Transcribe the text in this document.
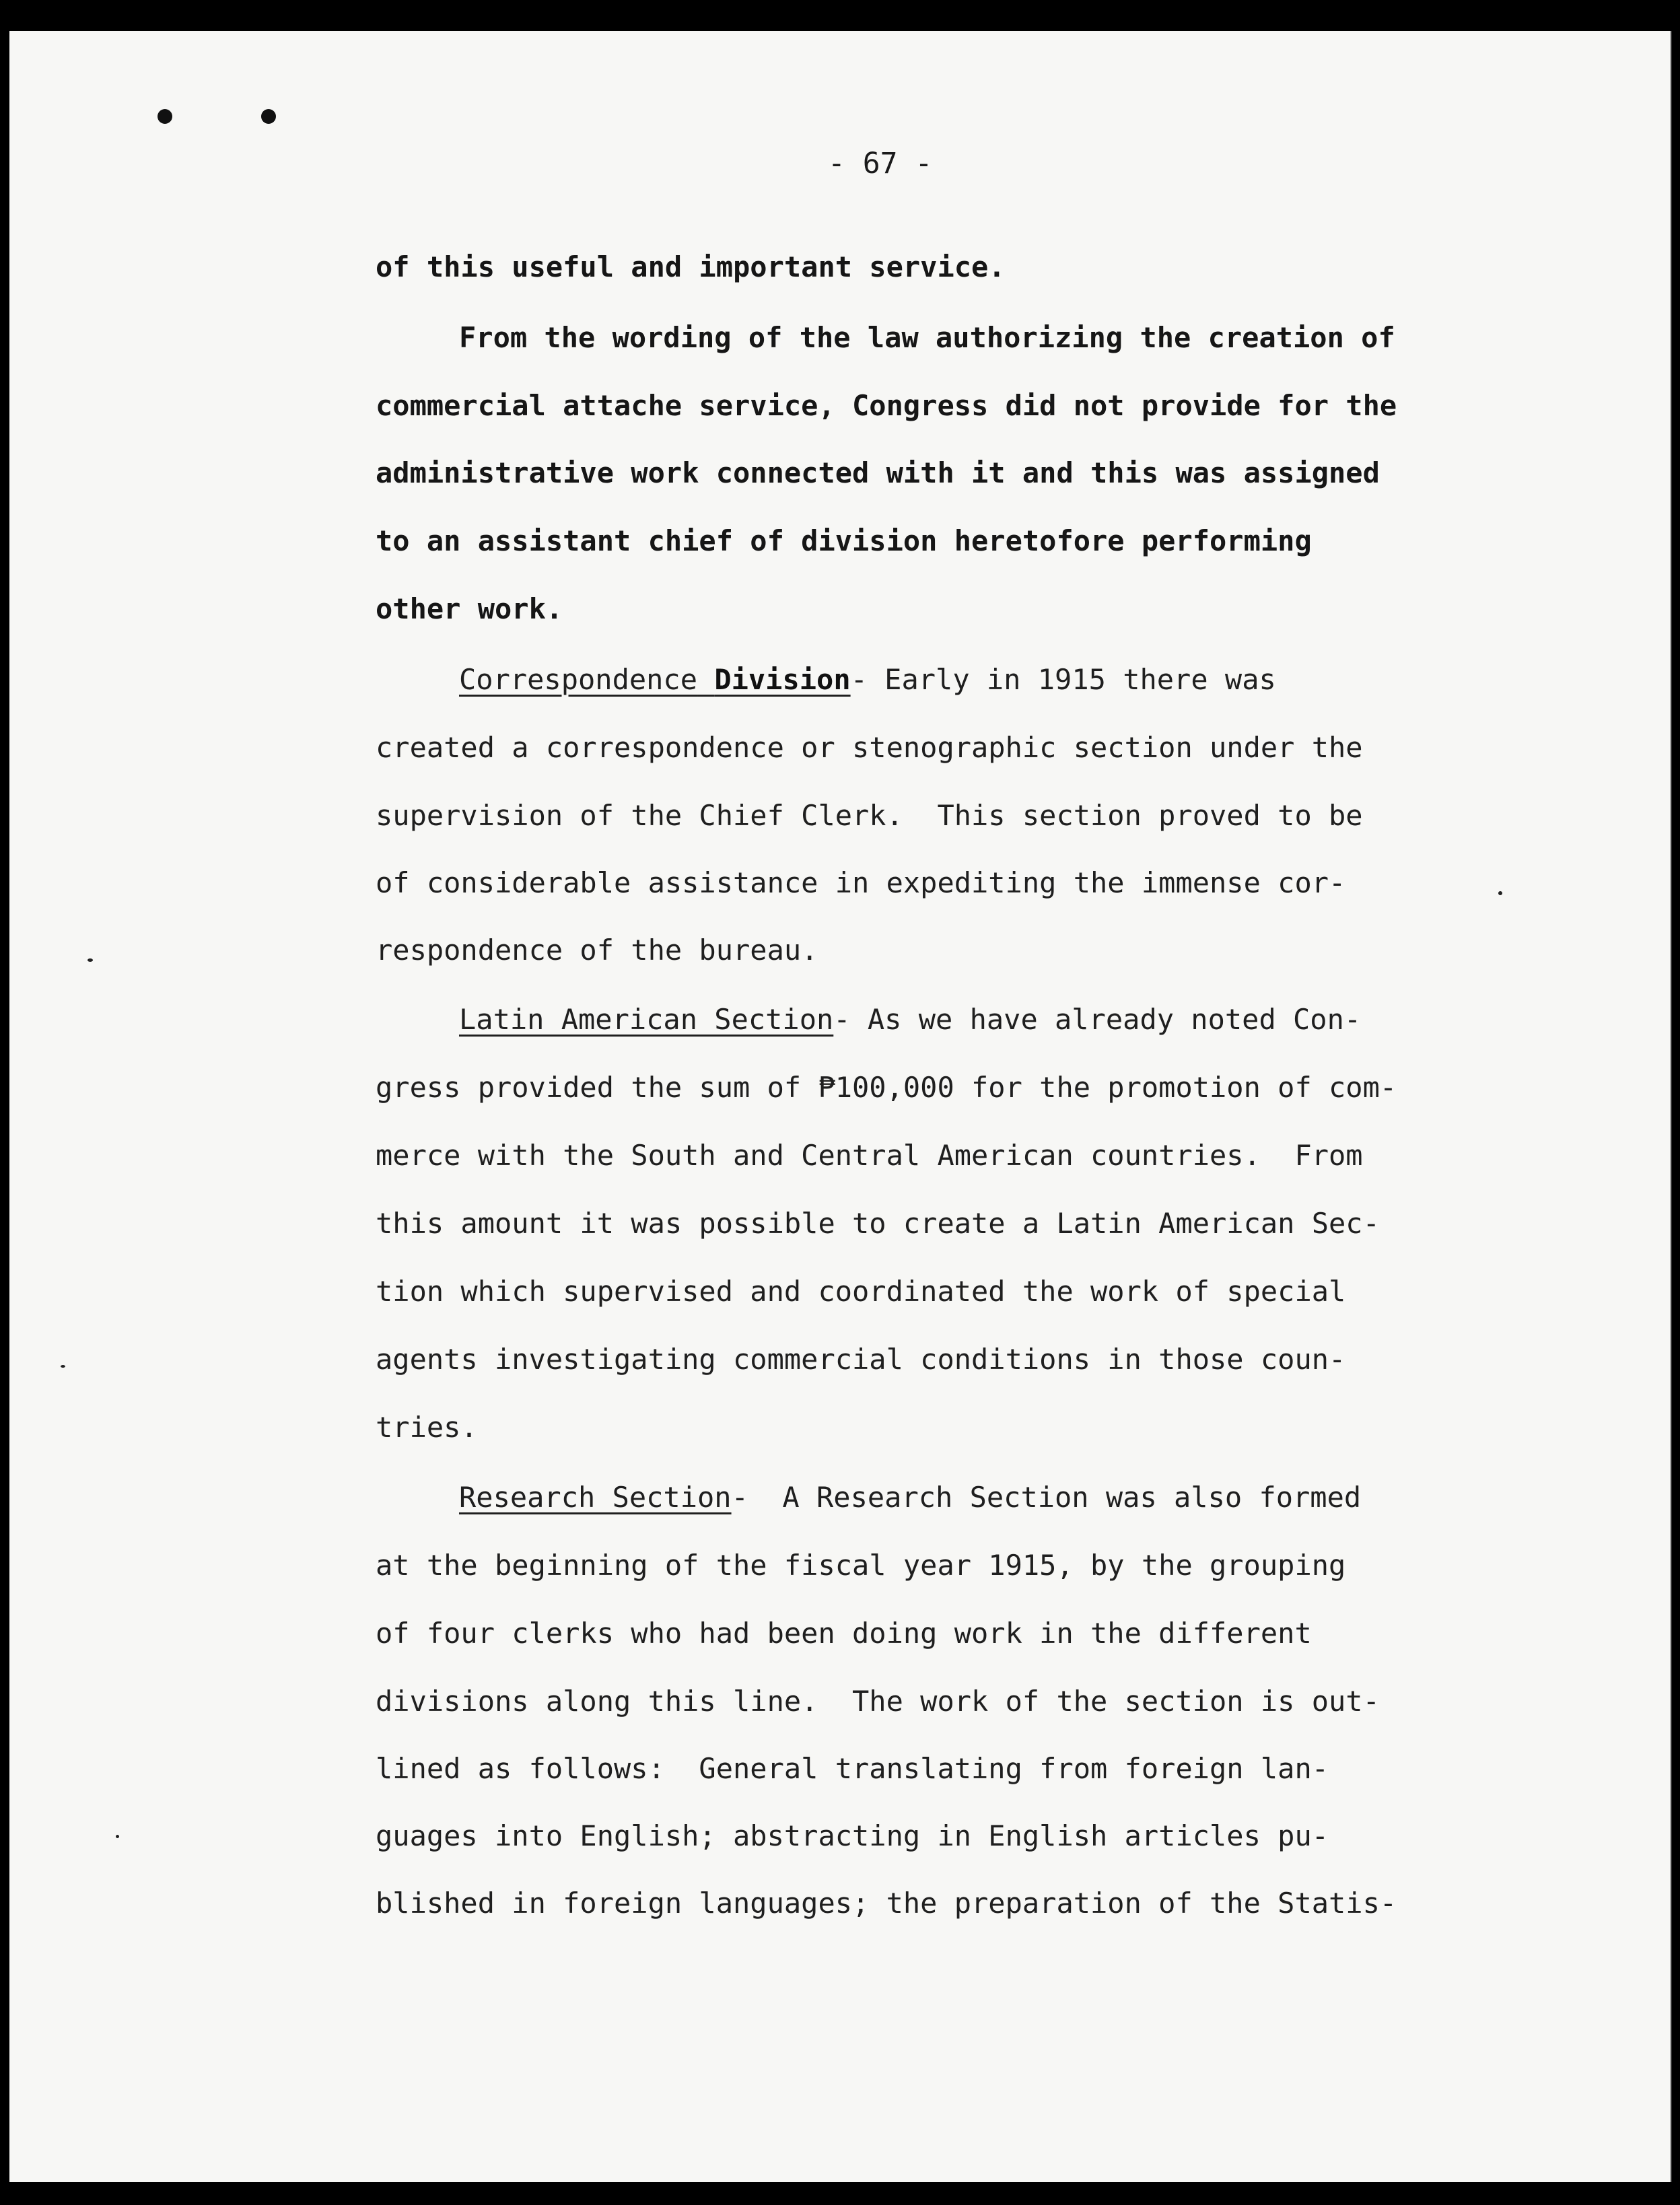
- 67 -
of this useful and important service.
From the wording of the law authorizing the creation of
commercial attache service, Congress did not provide for the
administrative work connected with it and this was assigned
to an assistant chief of division heretofore performing
other work.
Correspondence Division- Early in 1915 there was
created a correspondence or stenographic section under the
supervision of the Chief Clerk.  This section proved to be
of considerable assistance in expediting the immense cor-
respondence of the bureau.
Latin American Section- As we have already noted Con-
gress provided the sum of ₱100,000 for the promotion of com-
merce with the South and Central American countries.  From
this amount it was possible to create a Latin American Sec-
tion which supervised and coordinated the work of special
agents investigating commercial conditions in those coun-
tries.
Research Section-  A Research Section was also formed
at the beginning of the fiscal year 1915, by the grouping
of four clerks who had been doing work in the different
divisions along this line.  The work of the section is out-
lined as follows:  General translating from foreign lan-
guages into English; abstracting in English articles pu-
blished in foreign languages; the preparation of the Statis-
